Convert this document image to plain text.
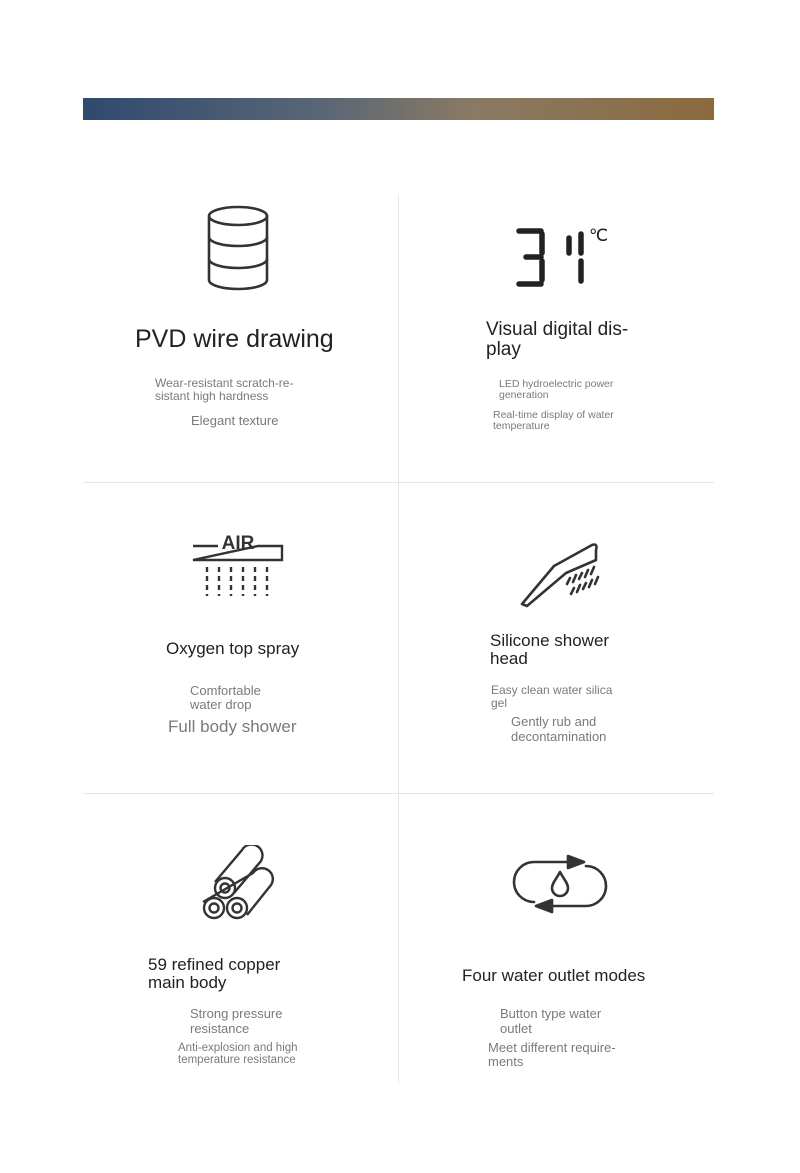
PVD wire drawing
Wear-resistant scratch-re- sistant high hardness
Elegant texture
℃
Visual digital dis- play
LED hydroelectric power generation
Real-time display of water temperature
AIR
Oxygen top spray
Comfortable water drop
Full body shower
Silicone shower head
Easy clean water silica gel
Gently rub and decontamination
59 refined copper main body
Strong pressure resistance
Anti-explosion and high temperature resistance
Four water outlet modes
Button type water outlet
Meet different require- ments
